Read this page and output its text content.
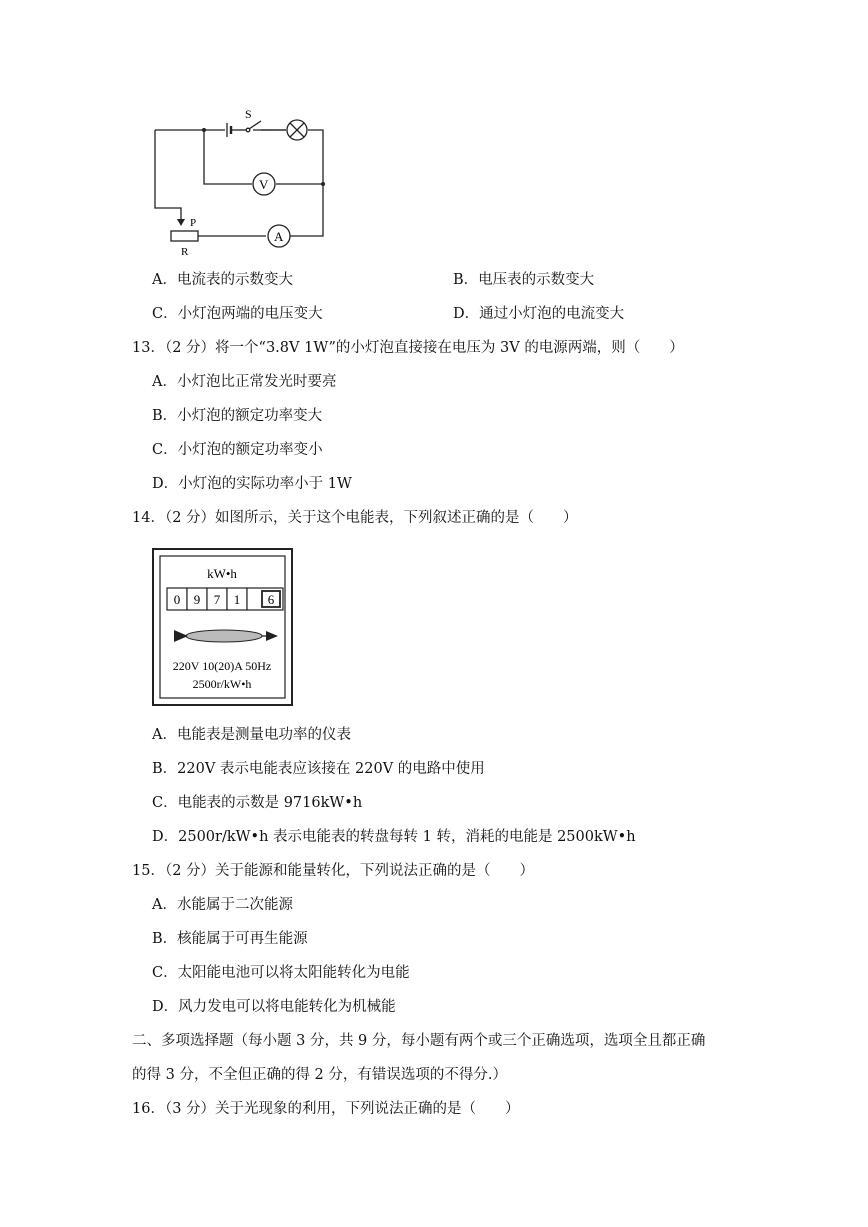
S
V
A
P
R
A．电流表的示数变大	B．电压表的示数变大
C．小灯泡两端的电压变大	D．通过小灯泡的电流变大
13．（2 分）将一个“3.8V 1W”的小灯泡直接接在电压为 3V 的电源两端，则（　　）
A．小灯泡比正常发光时要亮
B．小灯泡的额定功率变大
C．小灯泡的额定功率变小
D．小灯泡的实际功率小于 1W
14．（2 分）如图所示，关于这个电能表，下列叙述正确的是（　　）
kW•h
0 9 7 1 6
220V 10(20)A 50Hz
2500r/kW•h
A．电能表是测量电功率的仪表
B．220V 表示电能表应该接在 220V 的电路中使用
C．电能表的示数是 9716kW•h
D．2500r/kW•h 表示电能表的转盘每转 1 转，消耗的电能是 2500kW•h
15．（2 分）关于能源和能量转化，下列说法正确的是（　　）
A．水能属于二次能源
B．核能属于可再生能源
C．太阳能电池可以将太阳能转化为电能
D．风力发电可以将电能转化为机械能
二、多项选择题（每小题 3 分，共 9 分，每小题有两个或三个正确选项，选项全且都正确
的得 3 分，不全但正确的得 2 分，有错误选项的不得分.）
16．（3 分）关于光现象的利用，下列说法正确的是（　　）
